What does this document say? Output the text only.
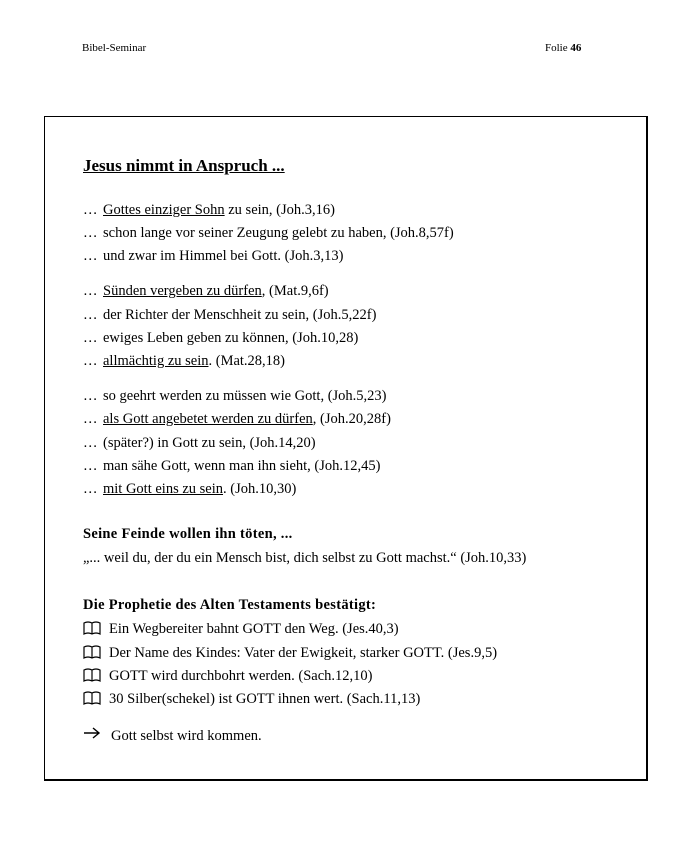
Bibel-Seminar	Folie 46
Jesus nimmt in Anspruch ...
… Gottes einziger Sohn zu sein, (Joh.3,16)
… schon lange vor seiner Zeugung gelebt zu haben, (Joh.8,57f)
… und zwar im Himmel bei Gott. (Joh.3,13)
… Sünden vergeben zu dürfen, (Mat.9,6f)
… der Richter der Menschheit zu sein, (Joh.5,22f)
… ewiges Leben geben zu können, (Joh.10,28)
… allmächtig zu sein. (Mat.28,18)
… so geehrt werden zu müssen wie Gott, (Joh.5,23)
… als Gott angebetet werden zu dürfen, (Joh.20,28f)
… (später?) in Gott zu sein, (Joh.14,20)
… man sähe Gott, wenn man ihn sieht, (Joh.12,45)
… mit Gott eins zu sein. (Joh.10,30)
Seine Feinde wollen ihn töten, ...
„... weil du, der du ein Mensch bist, dich selbst zu Gott machst.“ (Joh.10,33)
Die Prophetie des Alten Testaments bestätigt:
Ein Wegbereiter bahnt GOTT den Weg. (Jes.40,3)
Der Name des Kindes: Vater der Ewigkeit, starker GOTT. (Jes.9,5)
GOTT wird durchbohrt werden. (Sach.12,10)
30 Silber(schekel) ist GOTT ihnen wert. (Sach.11,13)
Gott selbst wird kommen.
